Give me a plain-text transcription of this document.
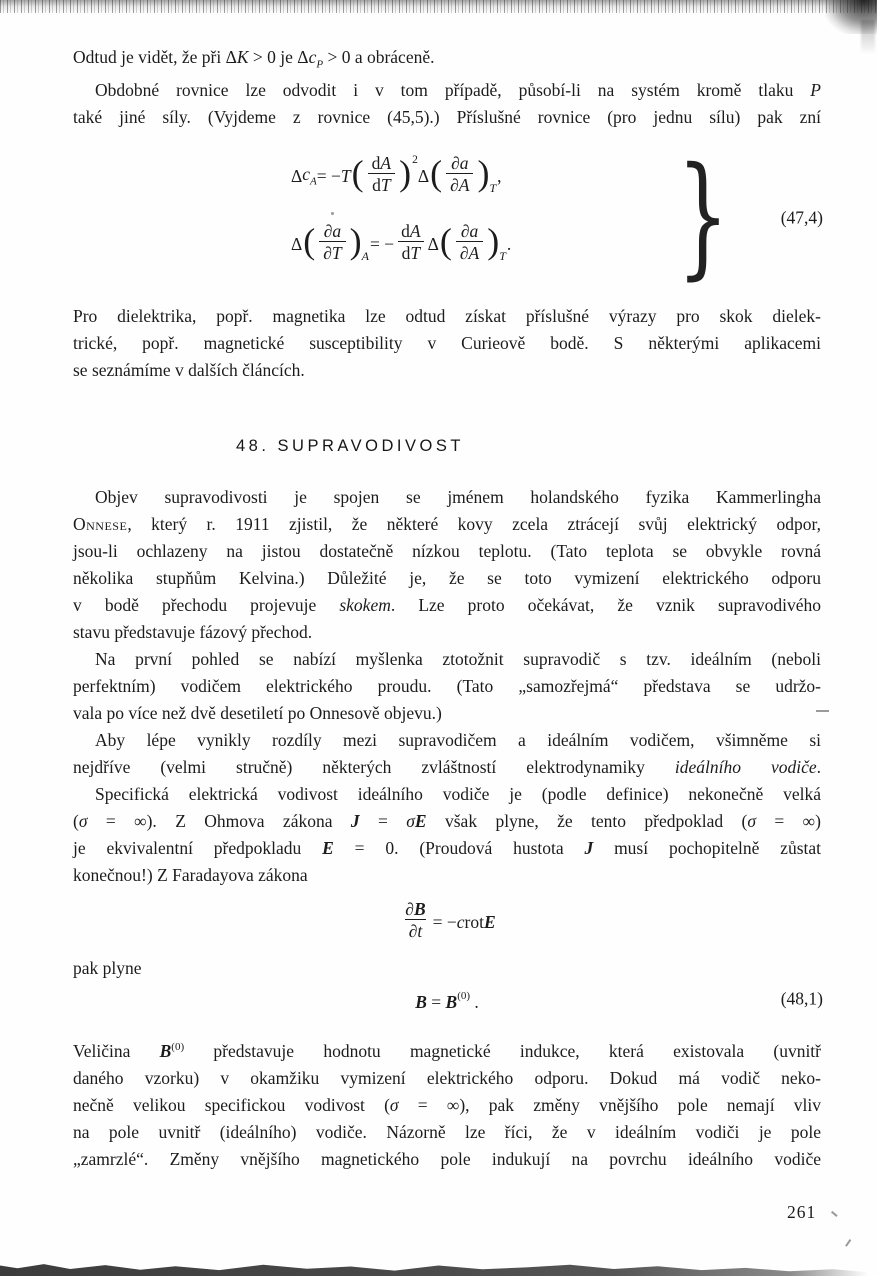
Odtud je vidět, že při ΔK > 0 je $\Delta c_P > 0$ a obráceně.
Obdobné rovnice lze odvodit i v tom případě, působí-li na systém kromě tlaku P
také jiné síly. (Vyjdeme z rovnice (45,5).) Příslušné rovnice (pro jednu sílu) pak zní
Δ $c_A$ = − T ( dA
dT ) 2
Δ ( ∂a
∂A ) T
,
Δ ( ∂a
∂T ) A
= −
dA
dT Δ ( ∂a
∂A ) T
. }	(47,4)
Pro dielektrika, popř. magnetika lze odtud získat příslušné výrazy pro skok dielek-
trické, popř. magnetické susceptibility v Curieově bodě. S některými aplikacemi
se seznámíme v dalších článcích.
48. SUPRAVODIVOST
Objev supravodivosti je spojen se jménem holandského fyzika Kammerlingha
Onnese, který r. 1911 zjistil, že některé kovy zcela ztrácejí svůj elektrický odpor,
jsou-li ochlazeny na jistou dostatečně nízkou teplotu. (Tato teplota se obvykle rovná
několika stupňům Kelvina.) Důležité je, že se toto vymizení elektrického odporu
v bodě přechodu projevuje skokem. Lze proto očekávat, že vznik supravodivého
stavu představuje fázový přechod.
Na první pohled se nabízí myšlenka ztotožnit supravodič s tzv. ideálním (neboli
perfektním) vodičem elektrického proudu. (Tato „samozřejmá“ představa se udržo-
vala po více než dvě desetiletí po Onnesově objevu.)
Aby lépe vynikly rozdíly mezi supravodičem a ideálním vodičem, všimněme si
nejdříve (velmi stručně) některých zvláštností elektrodynamiky ideálního vodiče.
Specifická elektrická vodivost ideálního vodiče je (podle definice) nekonečně velká
(σ = ∞). Z Ohmova zákona J = σE však plyne, že tento předpoklad (σ = ∞)
je ekvivalentní předpokladu E = 0. (Proudová hustota J musí pochopitelně zůstat
konečnou!) Z Faradayova zákona
∂B
∂t = − c rot E
pak plyne
$B = B^{(0)}$ .	(48,1)
Veličina $B^{(0)}$ představuje hodnotu magnetické indukce, která existovala (uvnitř
daného vzorku) v okamžiku vymizení elektrického odporu. Dokud má vodič neko-
nečně velikou specifickou vodivost (σ = ∞), pak změny vnějšího pole nemají vliv
na pole uvnitř (ideálního) vodiče. Názorně lze říci, že v ideálním vodiči je pole
„zamrzlé“. Změny vnějšího magnetického pole indukují na povrchu ideálního vodiče
261
